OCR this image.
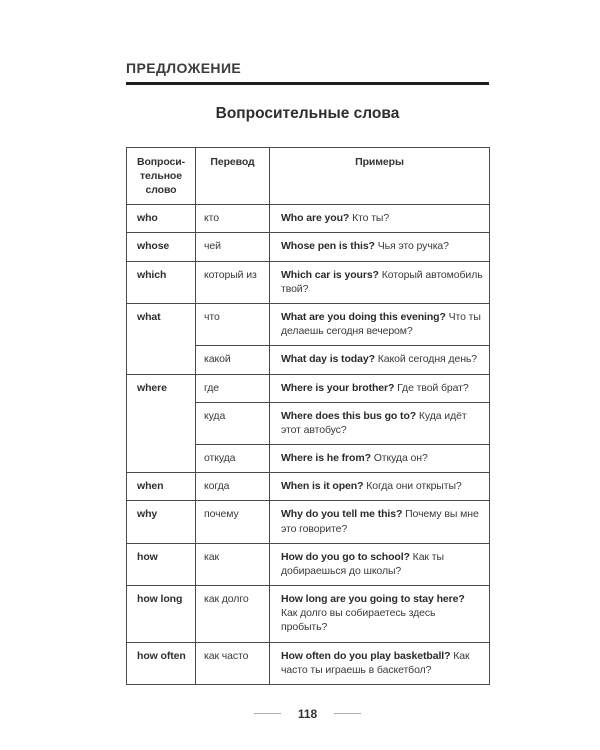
ПРЕДЛОЖЕНИЕ
Вопросительные слова
Вопроси-тельное слово	Перевод	Примеры
who	кто	Who are you? Кто ты?
whose	чей	Whose pen is this? Чья это ручка?
which	который из	Which car is yours? Который автомобиль твой?
what	что	What are you doing this evening? Что ты делаешь сегодня вечером?
	какой	What day is today? Какой сегодня день?
where	где	Where is your brother? Где твой брат?
	куда	Where does this bus go to? Куда идёт этот автобус?
	откуда	Where is he from? Откуда он?
when	когда	When is it open? Когда они открыты?
why	почему	Why do you tell me this? Почему вы мне это говорите?
how	как	How do you go to school? Как ты добираешься до школы?
how long	как долго	How long are you going to stay here? Как долго вы собираетесь здесь пробыть?
how often	как часто	How often do you play basketball? Как часто ты играешь в баскетбол?
118
